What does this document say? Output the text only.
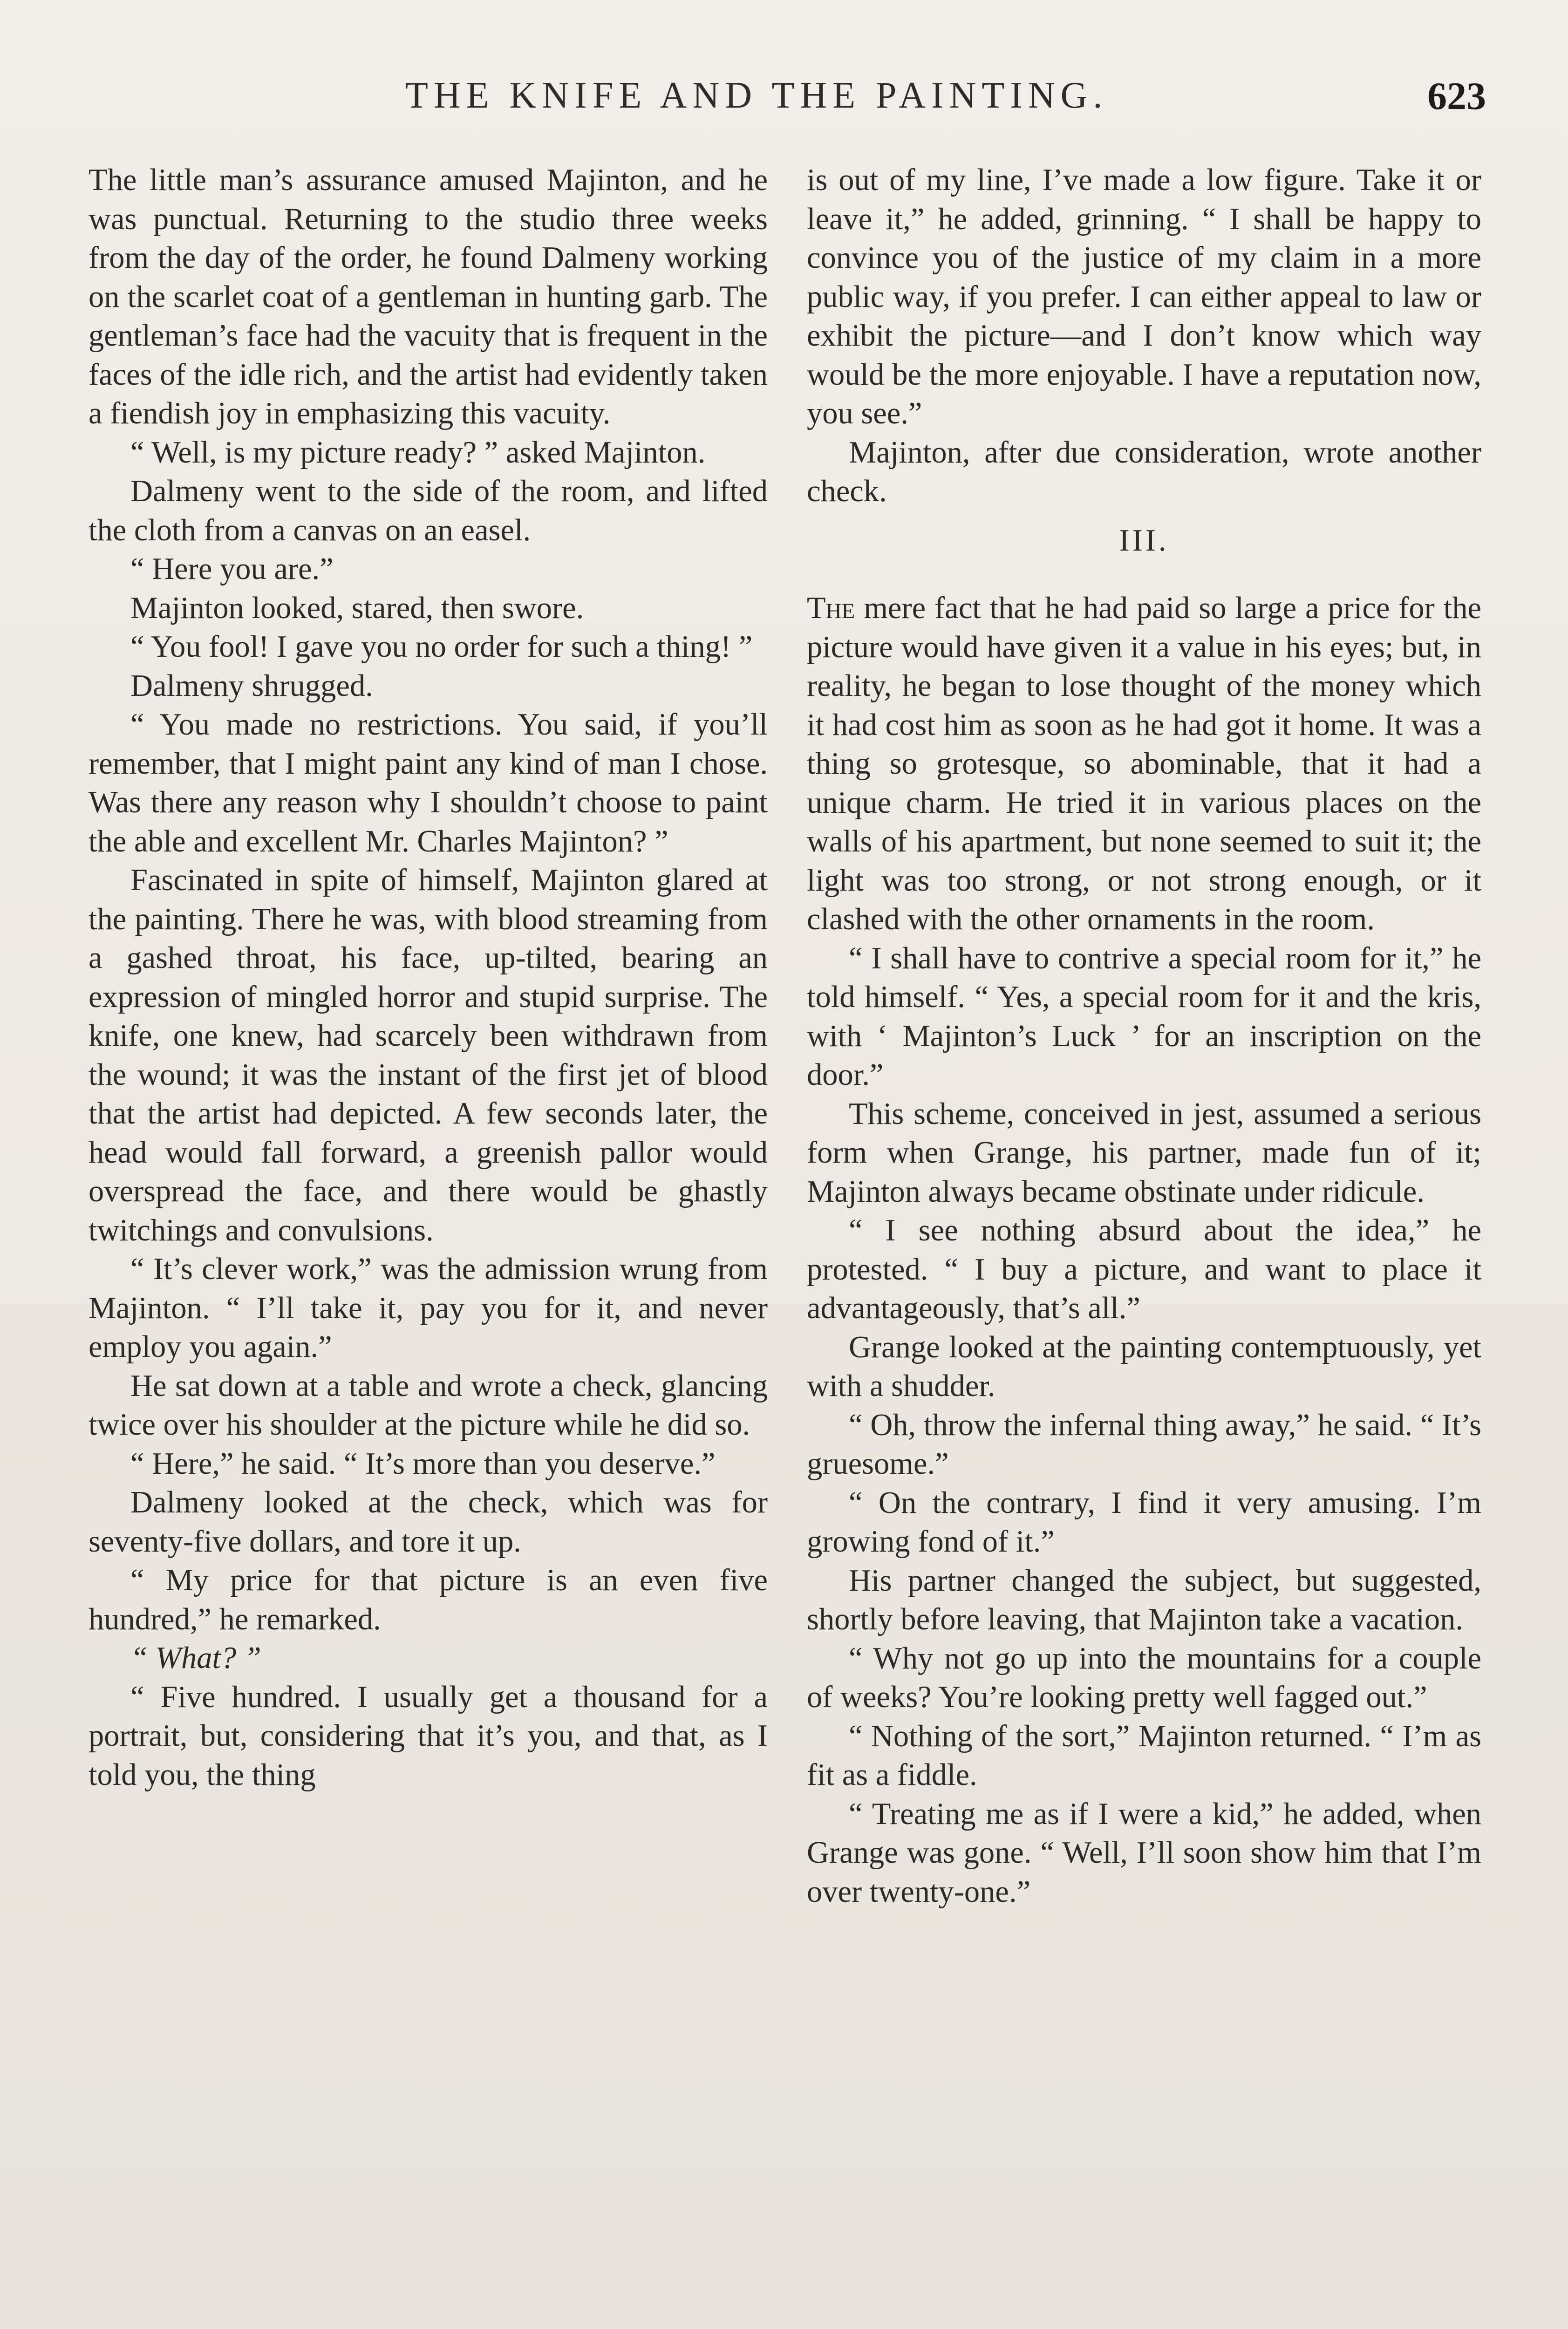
THE KNIFE AND THE PAINTING.	623

The little man’s assurance amused Majinton, and he was punctual. Returning to the studio three weeks from the day of the order, he found Dalmeny working on the scarlet coat of a gentleman in hunting garb. The gentleman’s face had the vacuity that is frequent in the faces of the idle rich, and the artist had evidently taken a fiendish joy in emphasizing this vacuity.

“ Well, is my picture ready? ” asked Majinton.

Dalmeny went to the side of the room, and lifted the cloth from a canvas on an easel.

“ Here you are.”

Majinton looked, stared, then swore.

“ You fool! I gave you no order for such a thing! ”

Dalmeny shrugged.

“ You made no restrictions. You said, if you’ll remember, that I might paint any kind of man I chose. Was there any reason why I shouldn’t choose to paint the able and excellent Mr. Charles Majinton? ”

Fascinated in spite of himself, Majinton glared at the painting. There he was, with blood streaming from a gashed throat, his face, up-tilted, bearing an expression of mingled horror and stupid surprise. The knife, one knew, had scarcely been withdrawn from the wound; it was the instant of the first jet of blood that the artist had depicted. A few seconds later, the head would fall forward, a greenish pallor would overspread the face, and there would be ghastly twitchings and convulsions.

“ It’s clever work,” was the admission wrung from Majinton. “ I’ll take it, pay you for it, and never employ you again.”

He sat down at a table and wrote a check, glancing twice over his shoulder at the picture while he did so.

“ Here,” he said. “ It’s more than you deserve.”

Dalmeny looked at the check, which was for seventy-five dollars, and tore it up.

“ My price for that picture is an even five hundred,” he remarked.

“ What? ”

“ Five hundred. I usually get a thousand for a portrait, but, considering that it’s you, and that, as I told you, the thing

is out of my line, I’ve made a low figure. Take it or leave it,” he added, grinning. “ I shall be happy to convince you of the justice of my claim in a more public way, if you prefer. I can either appeal to law or exhibit the picture—and I don’t know which way would be the more enjoyable. I have a reputation now, you see.”

Majinton, after due consideration, wrote another check.

III.

The mere fact that he had paid so large a price for the picture would have given it a value in his eyes; but, in reality, he began to lose thought of the money which it had cost him as soon as he had got it home. It was a thing so grotesque, so abominable, that it had a unique charm. He tried it in various places on the walls of his apartment, but none seemed to suit it; the light was too strong, or not strong enough, or it clashed with the other ornaments in the room.

“ I shall have to contrive a special room for it,” he told himself. “ Yes, a special room for it and the kris, with ‘ Majinton’s Luck ’ for an inscription on the door.”

This scheme, conceived in jest, assumed a serious form when Grange, his partner, made fun of it; Majinton always became obstinate under ridicule.

“ I see nothing absurd about the idea,” he protested. “ I buy a picture, and want to place it advantageously, that’s all.”

Grange looked at the painting contemptuously, yet with a shudder.

“ Oh, throw the infernal thing away,” he said. “ It’s gruesome.”

“ On the contrary, I find it very amusing. I’m growing fond of it.”

His partner changed the subject, but suggested, shortly before leaving, that Majinton take a vacation.

“ Why not go up into the mountains for a couple of weeks? You’re looking pretty well fagged out.”

“ Nothing of the sort,” Majinton returned. “ I’m as fit as a fiddle.

“ Treating me as if I were a kid,” he added, when Grange was gone. “ Well, I’ll soon show him that I’m over twenty-one.”
